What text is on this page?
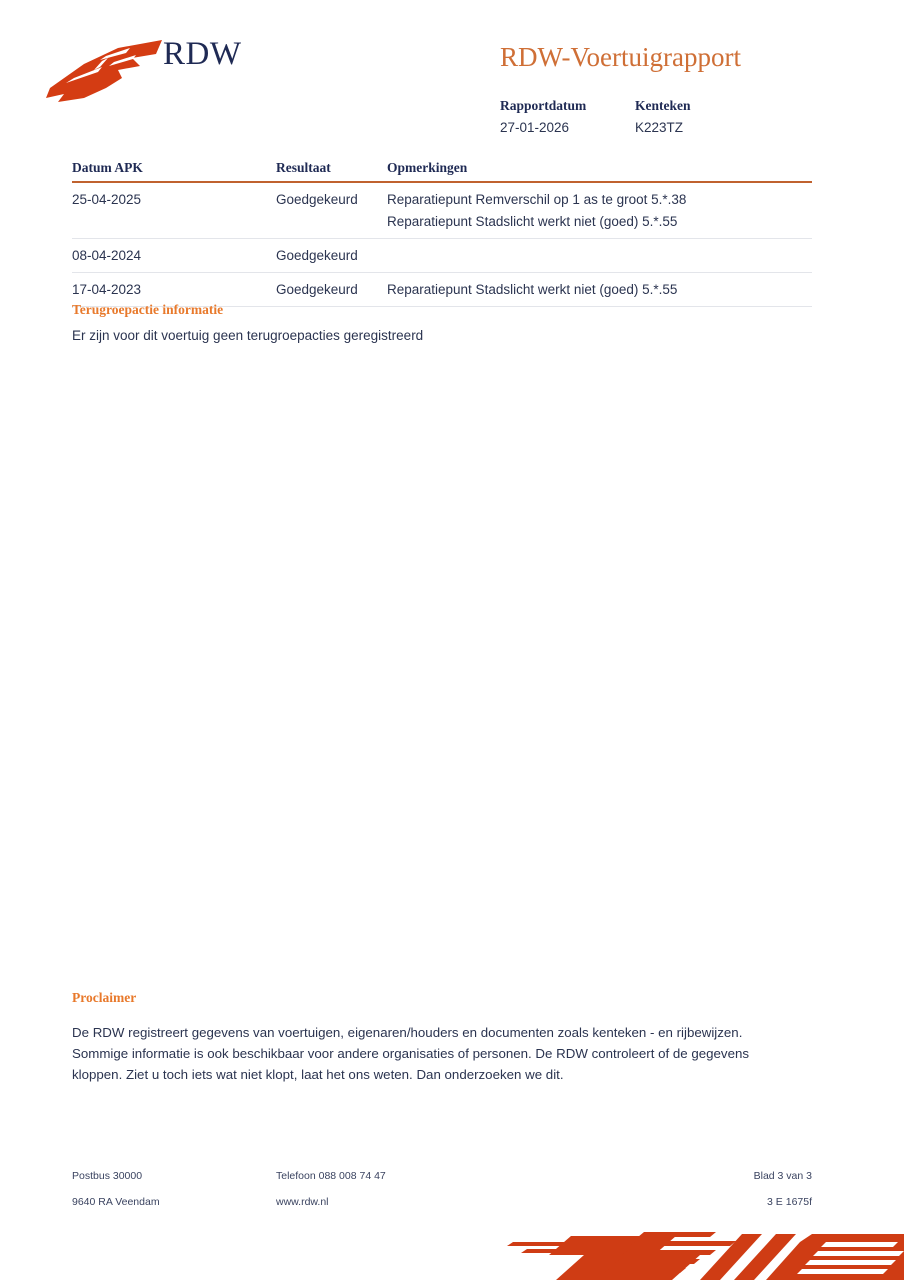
RDW	RDW-Voertuigrapport
Rapportdatum	Kenteken
27-01-2026	K223TZ
Datum APK	Resultaat	Opmerkingen
25-04-2025	Goedgekeurd	Reparatiepunt Remverschil op 1 as te groot 5.*.38
Reparatiepunt Stadslicht werkt niet (goed) 5.*.55
08-04-2024	Goedgekeurd
17-04-2023	Goedgekeurd	Reparatiepunt Stadslicht werkt niet (goed) 5.*.55
Terugroepactie informatie
Er zijn voor dit voertuig geen terugroepacties geregistreerd
Proclaimer
De RDW registreert gegevens van voertuigen, eigenaren/houders en documenten zoals kenteken - en rijbewijzen. Sommige informatie is ook beschikbaar voor andere organisaties of personen. De RDW controleert of de gegevens kloppen. Ziet u toch iets wat niet klopt, laat het ons weten. Dan onderzoeken we dit.
Postbus 30000	Telefoon 088 008 74 47	Blad 3 van 3
9640 RA Veendam	www.rdw.nl	3 E 1675f
